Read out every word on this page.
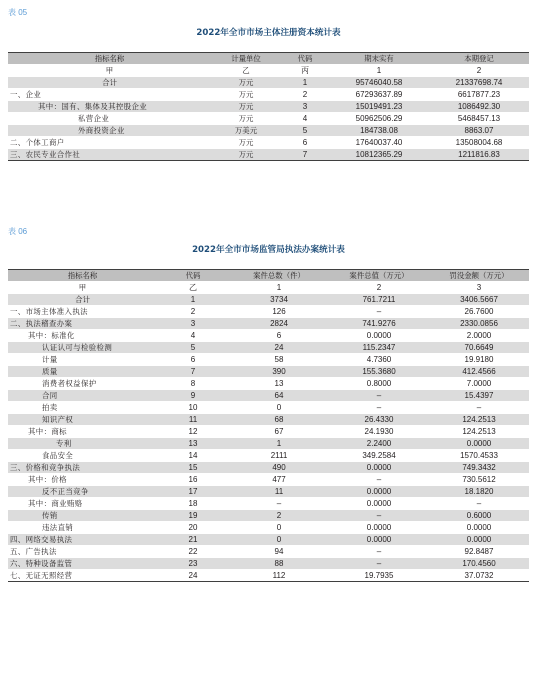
表 05
2022年全市市场主体注册资本统计表
指标名称	计量单位	代码	期末实有	本期登记
甲	乙	丙	1	2
合计	万元	1	95746040.58	21337698.74
一、企业	万元	2	67293637.89	6617877.23
其中：国有、集体及其控股企业	万元	3	15019491.23	1086492.30
私营企业	万元	4	50962506.29	5468457.13
外商投资企业	万美元	5	184738.08	8863.07
二、个体工商户	万元	6	17640037.40	13508004.68
三、农民专业合作社	万元	7	10812365.29	1211816.83
表 06
2022年全市市场监管局执法办案统计表
指标名称	代码	案件总数（件）	案件总值（万元）	罚没金额（万元）
甲	乙	1	2	3
合计	1	3734	761.7211	3406.5667
一、市场主体准入执法	2	126	–	26.7600
二、执法稽查办案	3	2824	741.9276	2330.0856
其中：标准化	4	6	0.0000	2.0000
认证认可与检验检测	5	24	115.2347	70.6649
计量	6	58	4.7360	19.9180
质量	7	390	155.3680	412.4566
消费者权益保护	8	13	0.8000	7.0000
合同	9	64	–	15.4397
拍卖	10	0	–	–
知识产权	11	68	26.4330	124.2513
其中：商标	12	67	24.1930	124.2513
专利	13	1	2.2400	0.0000
食品安全	14	2111	349.2584	1570.4533
三、价格和竞争执法	15	490	0.0000	749.3432
其中：价格	16	477	–	730.5612
反不正当竞争	17	11	0.0000	18.1820
其中：商业贿赂	18	–	0.0000	–
传销	19	2	–	0.6000
违法直销	20	0	0.0000	0.0000
四、网络交易执法	21	0	0.0000	0.0000
五、广告执法	22	94	–	92.8487
六、特种设备监管	23	88	–	170.4560
七、无证无照经营	24	112	19.7935	37.0732
